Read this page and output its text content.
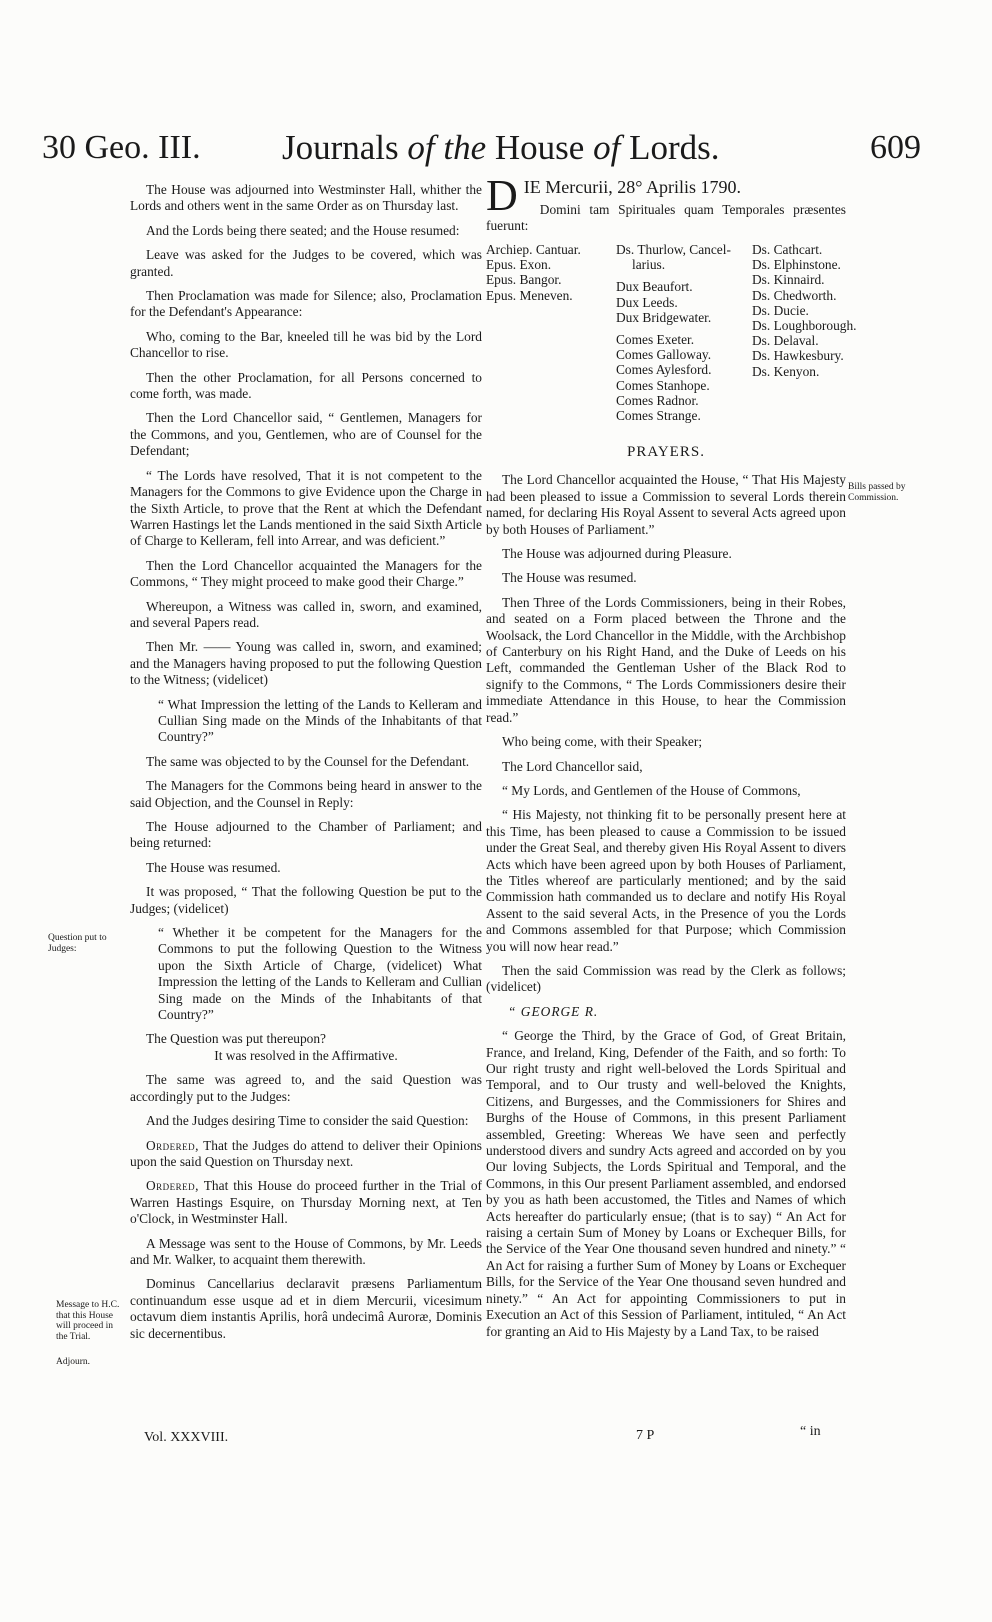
30 Geo. III. Journals of the House of Lords.	609
Question put to Judges:
Message to H.C. that this House will proceed in the Trial.
Adjourn.
Bills passed by Commission.

The House was adjourned into Westminster Hall, whither the Lords and others went in the same Order as on Thursday last.

And the Lords being there seated; and the House resumed:

Leave was asked for the Judges to be covered, which was granted.

Then Proclamation was made for Silence; also, Proclamation for the Defendant's Appearance:

Who, coming to the Bar, kneeled till he was bid by the Lord Chancellor to rise.

Then the other Proclamation, for all Persons concerned to come forth, was made.

Then the Lord Chancellor said, “ Gentlemen, Managers for the Commons, and you, Gentlemen, who are of Counsel for the Defendant;

“ The Lords have resolved, That it is not competent to the Managers for the Commons to give Evidence upon the Charge in the Sixth Article, to prove that the Rent at which the Defendant Warren Hastings let the Lands mentioned in the said Sixth Article of Charge to Kelleram, fell into Arrear, and was deficient.”

Then the Lord Chancellor acquainted the Managers for the Commons, “ They might proceed to make good their Charge.”

Whereupon, a Witness was called in, sworn, and examined, and several Papers read.

Then Mr. —— Young was called in, sworn, and examined; and the Managers having proposed to put the following Question to the Witness; (videlicet)

“ What Impression the letting of the Lands to Kelleram and Cullian Sing made on the Minds of the Inhabitants of that Country?”

The same was objected to by the Counsel for the Defendant.

The Managers for the Commons being heard in answer to the said Objection, and the Counsel in Reply:

The House adjourned to the Chamber of Parliament; and being returned:

The House was resumed.

It was proposed, “ That the following Question be put to the Judges; (videlicet)

“ Whether it be competent for the Managers for the Commons to put the following Question to the Witness upon the Sixth Article of Charge, (videlicet) What Impression the letting of the Lands to Kelleram and Cullian Sing made on the Minds of the Inhabitants of that Country?”

The Question was put thereupon?

It was resolved in the Affirmative.

The same was agreed to, and the said Question was accordingly put to the Judges:

And the Judges desiring Time to consider the said Question:

Ordered, That the Judges do attend to deliver their Opinions upon the said Question on Thursday next.

Ordered, That this House do proceed further in the Trial of Warren Hastings Esquire, on Thursday Morning next, at Ten o'Clock, in Westminster Hall.

A Message was sent to the House of Commons, by Mr. Leeds and Mr. Walker, to acquaint them therewith.

Dominus Cancellarius declaravit præsens Parliamentum continuandum esse usque ad et in diem Mercurii, vicesimum octavum diem instantis Aprilis, horâ undecimâ Auroræ, Dominis sic decernentibus.

Vol. XXXVIII.
D IE Mercurii, 28° Aprilis 1790.

Domini tam Spirituales quam Temporales præsentes fuerunt:

Archiep. Cantuar.
Epus. Exon.
Epus. Bangor.
Epus. Meneven.
Ds. Thurlow, Cancel-
larius.
Dux Beaufort.
Dux Leeds.
Dux Bridgewater.
Comes Exeter.
Comes Galloway.
Comes Aylesford.
Comes Stanhope.
Comes Radnor.
Comes Strange.
Ds. Cathcart.
Ds. Elphinstone.
Ds. Kinnaird.
Ds. Chedworth.
Ds. Ducie.
Ds. Loughborough.
Ds. Delaval.
Ds. Hawkesbury.
Ds. Kenyon.
PRAYERS.

The Lord Chancellor acquainted the House, “ That His Majesty had been pleased to issue a Commission to several Lords therein named, for declaring His Royal Assent to several Acts agreed upon by both Houses of Parliament.”

The House was adjourned during Pleasure.

The House was resumed.

Then Three of the Lords Commissioners, being in their Robes, and seated on a Form placed between the Throne and the Woolsack, the Lord Chancellor in the Middle, with the Archbishop of Canterbury on his Right Hand, and the Duke of Leeds on his Left, commanded the Gentleman Usher of the Black Rod to signify to the Commons, “ The Lords Commissioners desire their immediate Attendance in this House, to hear the Commission read.”

Who being come, with their Speaker;

The Lord Chancellor said,

“ My Lords, and Gentlemen of the House of Commons,

“ His Majesty, not thinking fit to be personally present here at this Time, has been pleased to cause a Commission to be issued under the Great Seal, and thereby given His Royal Assent to divers Acts which have been agreed upon by both Houses of Parliament, the Titles whereof are particularly mentioned; and by the said Commission hath commanded us to declare and notify His Royal Assent to the said several Acts, in the Presence of you the Lords and Commons assembled for that Purpose; which Commission you will now hear read.”

Then the said Commission was read by the Clerk as follows; (videlicet)

“ GEORGE R.

“ George the Third, by the Grace of God, of Great Britain, France, and Ireland, King, Defender of the Faith, and so forth: To Our right trusty and right well-beloved the Lords Spiritual and Temporal, and to Our trusty and well-beloved the Knights, Citizens, and Burgesses, and the Commissioners for Shires and Burghs of the House of Commons, in this present Parliament assembled, Greeting: Whereas We have seen and perfectly understood divers and sundry Acts agreed and accorded on by you Our loving Subjects, the Lords Spiritual and Temporal, and the Commons, in this Our present Parliament assembled, and endorsed by you as hath been accustomed, the Titles and Names of which Acts hereafter do particularly ensue; (that is to say) “ An Act for raising a certain Sum of Money by Loans or Exchequer Bills, for the Service of the Year One thousand seven hundred and ninety.” “ An Act for raising a further Sum of Money by Loans or Exchequer Bills, for the Service of the Year One thousand seven hundred and ninety.” “ An Act for appointing Commissioners to put in Execution an Act of this Session of Parliament, intituled, “ An Act for granting an Aid to His Majesty by a Land Tax, to be raised

7 P	“ in
